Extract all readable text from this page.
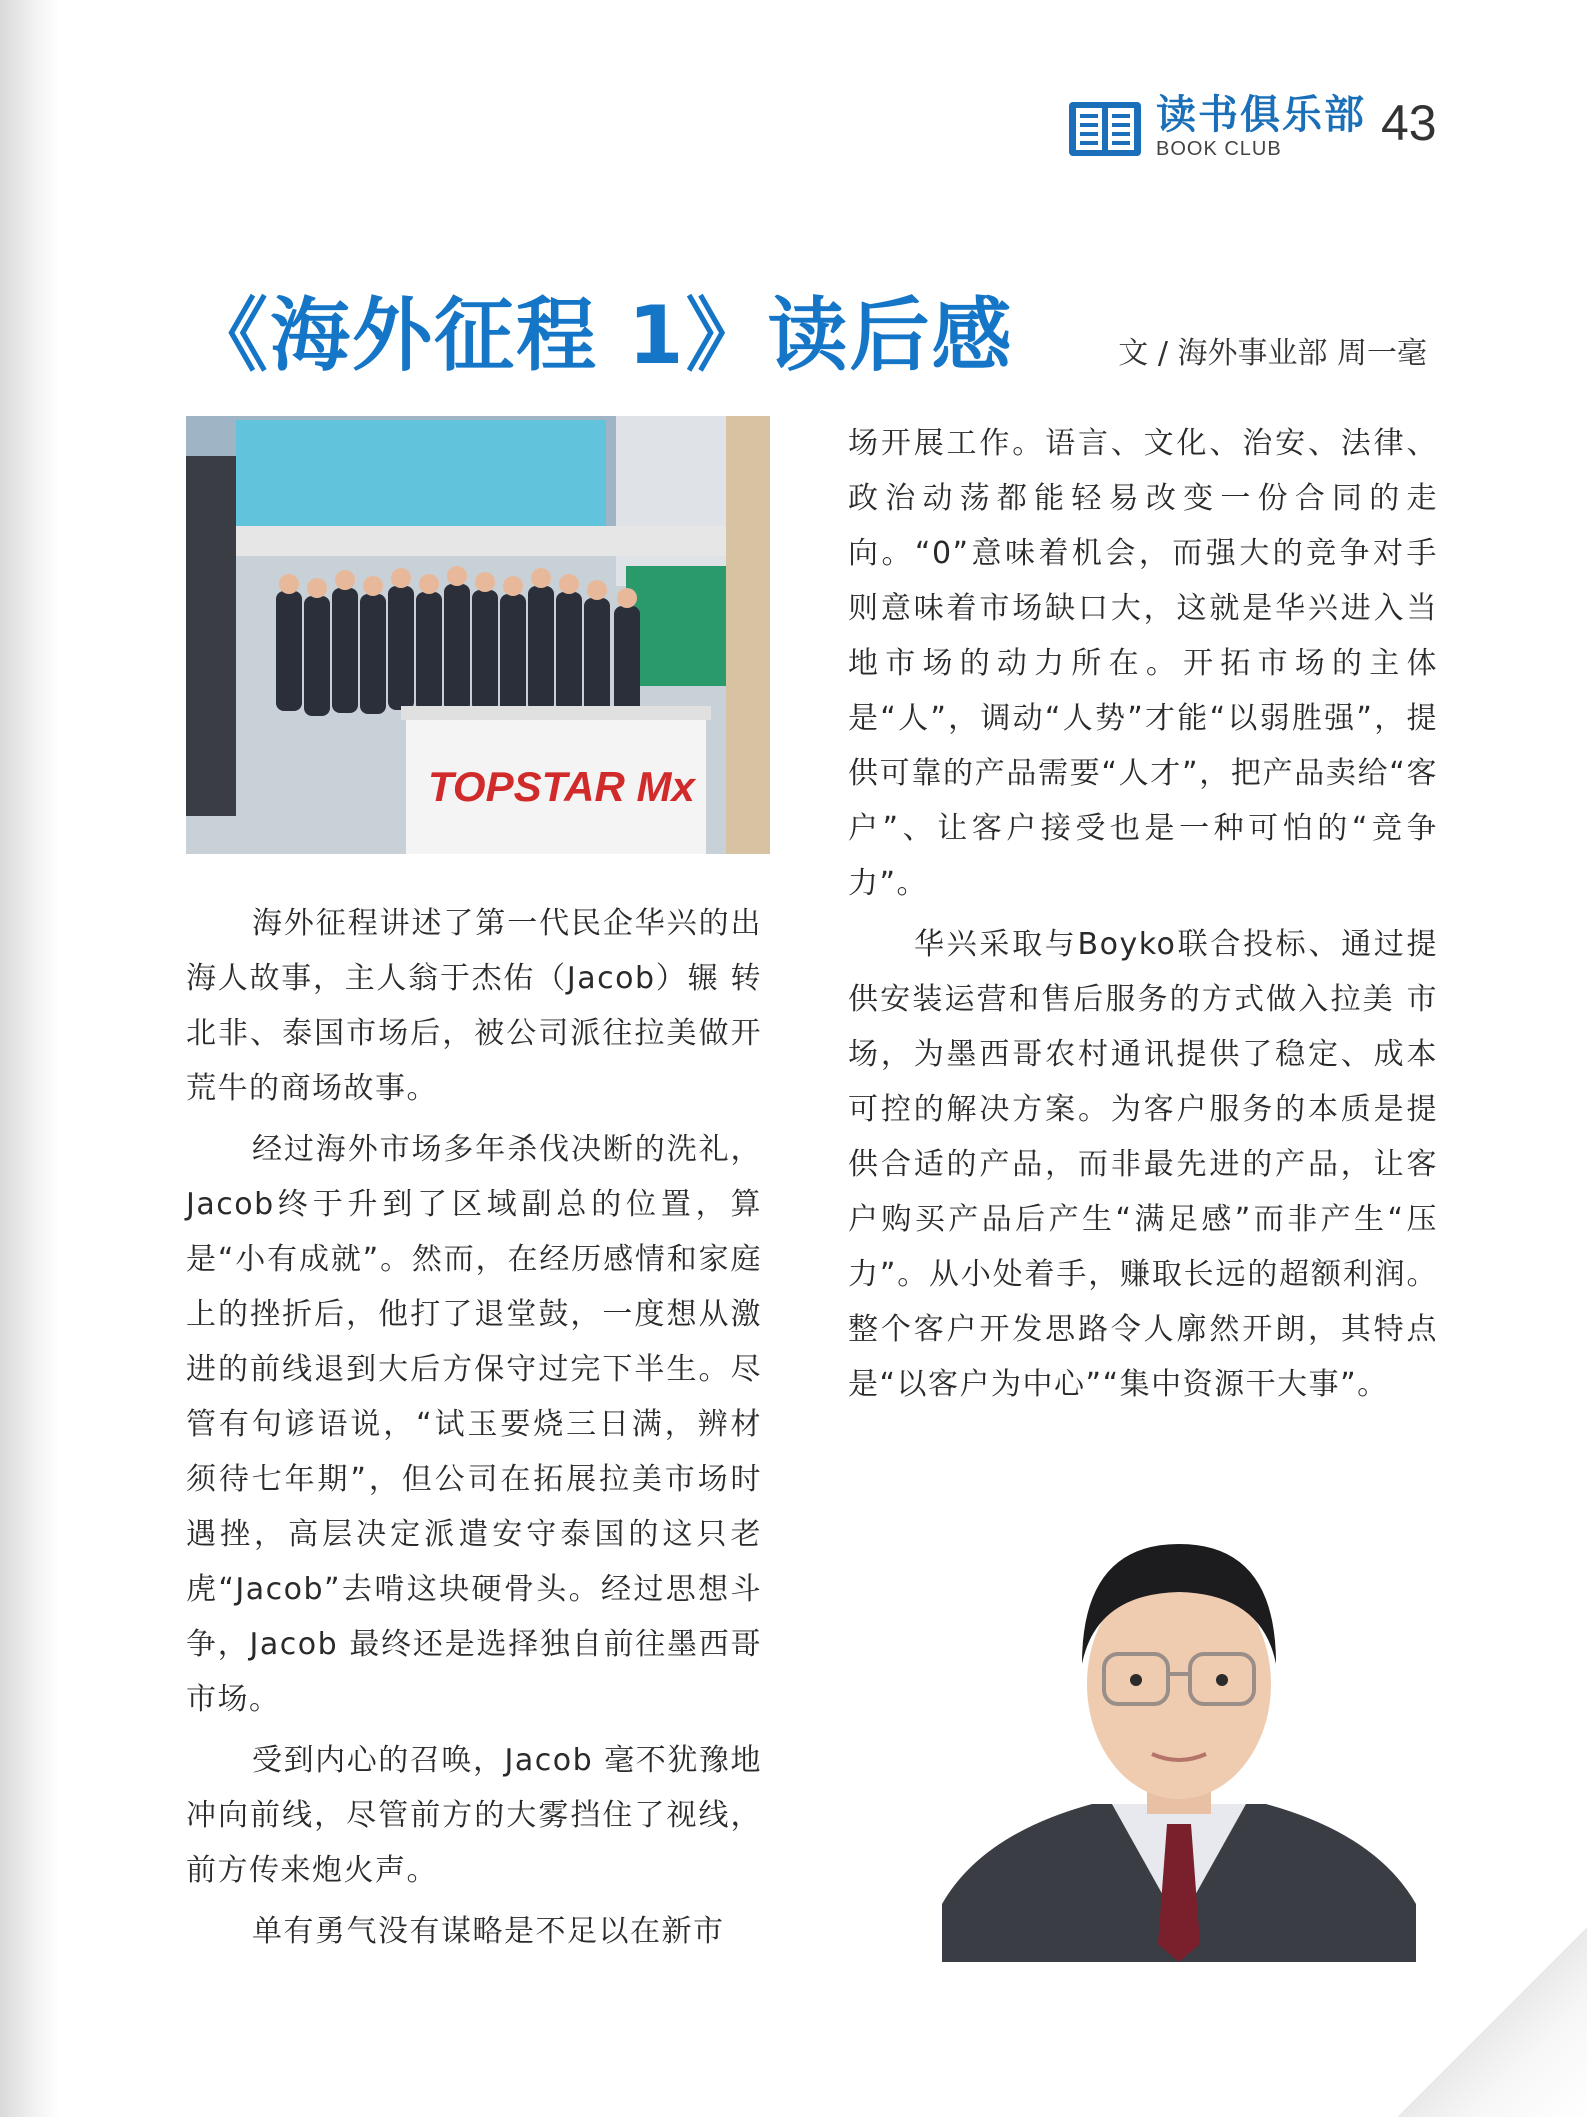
读书俱乐部
BOOK CLUB	43
《海外征程 1》读后感	文 / 海外事业部 周一毫
TOPSTAR Mx

海外征程讲述了第一代民企华兴的出海人故事，主人翁于杰佑（Jacob）辗 转北非、泰国市场后，被公司派往拉美做开荒牛的商场故事。

经过海外市场多年杀伐决断的洗礼，Jacob终于升到了区域副总的位置，算是“小有成就”。然而，在经历感情和家庭上的挫折后，他打了退堂鼓，一度想从激进的前线退到大后方保守过完下半生。尽管有句谚语说，“试玉要烧三日满，辨材须待七年期”，但公司在拓展拉美市场时遇挫，高层决定派遣安守泰国的这只老虎“Jacob”去啃这块硬骨头。经过思想斗争，Jacob 最终还是选择独自前往墨西哥市场。

受到内心的召唤，Jacob 毫不犹豫地冲向前线，尽管前方的大雾挡住了视线，前方传来炮火声。

单有勇气没有谋略是不足以在新市

场开展工作。语言、文化、治安、法律、政治动荡都能轻易改变一份合同的走向。“0”意味着机会，而强大的竞争对手则意味着市场缺口大，这就是华兴进入当地市场的动力所在。开拓市场的主体是“人”，调动“人势”才能“以弱胜强”，提供可靠的产品需要“人才”，把产品卖给“客户”、让客户接受也是一种可怕的“竞争力”。

华兴采取与Boyko联合投标、通过提供安装运营和售后服务的方式做入拉美 市场，为墨西哥农村通讯提供了稳定、成本可控的解决方案。为客户服务的本质是提供合适的产品，而非最先进的产品，让客户购买产品后产生“满足感”而非产生“压力”。从小处着手，赚取长远的超额利润。整个客户开发思路令人廓然开朗，其特点是“以客户为中心”“集中资源干大事”。
